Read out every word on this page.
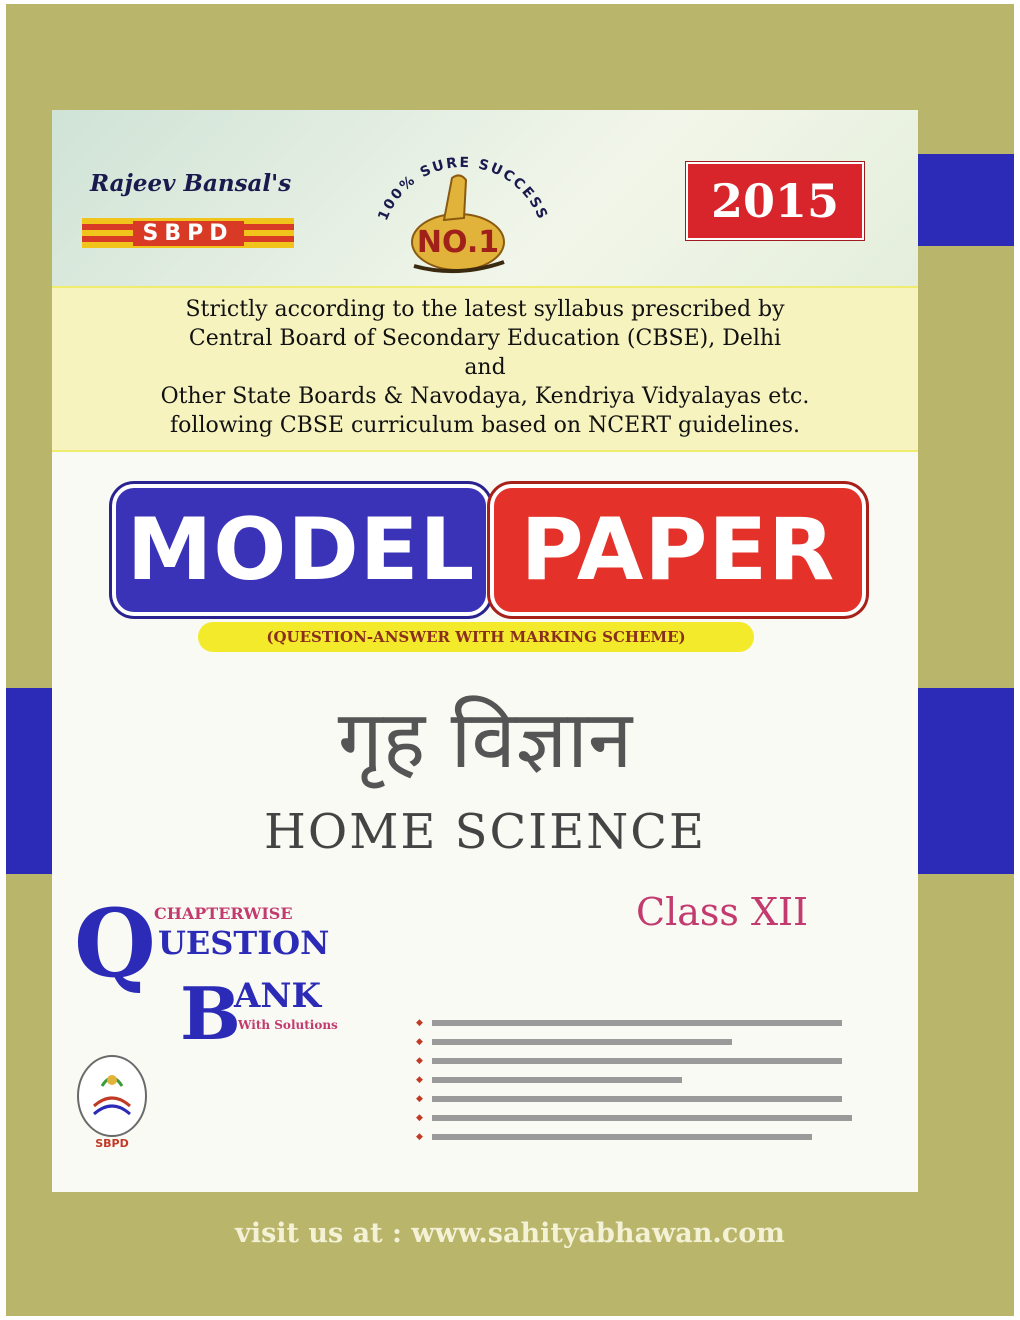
Rajeev Bansal's
SBPD
100% SURE SUCCESS
NO.1
2015
Strictly according to the latest syllabus prescribed by
Central Board of Secondary Education (CBSE), Delhi
and
Other State Boards & Navodaya, Kendriya Vidyalayas etc.
following CBSE curriculum based on NCERT guidelines.
MODEL PAPER
(QUESTION-ANSWER WITH MARKING SCHEME)
गृह विज्ञान
HOME SCIENCE
Class XII
Q
CHAPTERWISE
UESTION
B
ANK
With Solutions
SBPD
◆
◆
◆
◆
◆
◆
◆
visit us at : www.sahityabhawan.com
